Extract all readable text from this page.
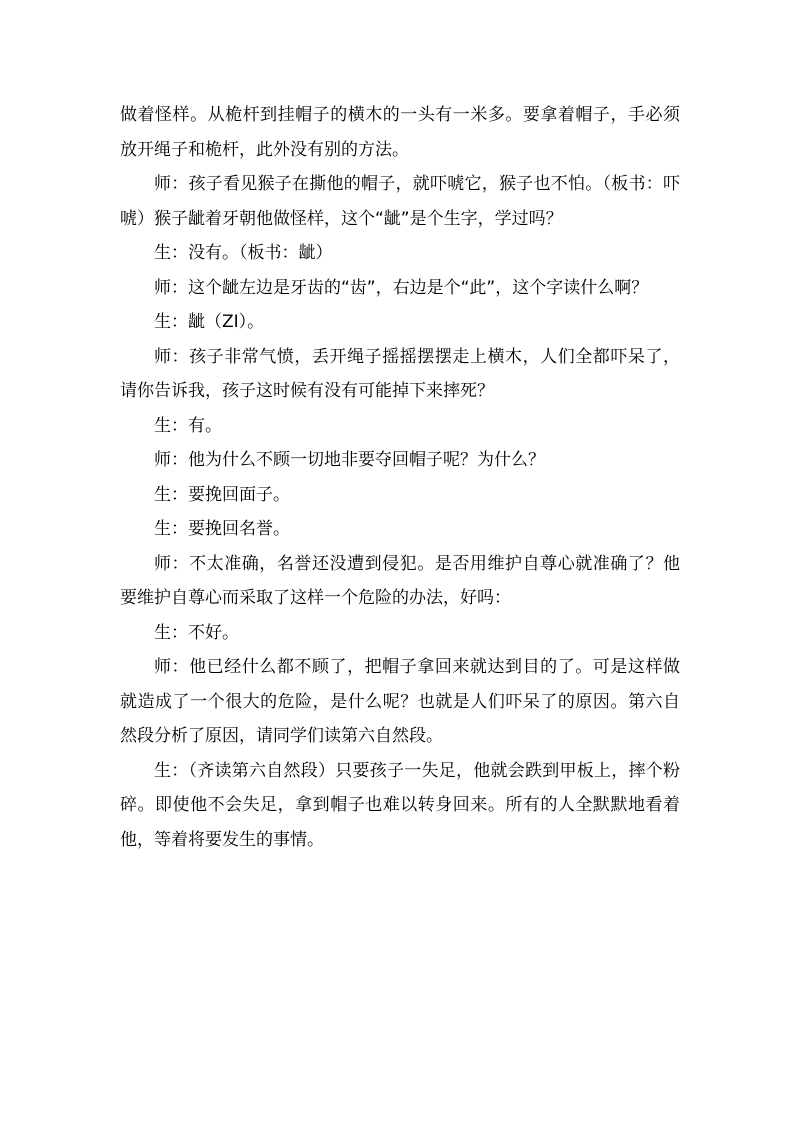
做着怪样。从桅杆到挂帽子的横木的一头有一米多。要拿着帽子，手必须放开绳子和桅杆，此外没有别的方法。

师：孩子看见猴子在撕他的帽子，就吓唬它，猴子也不怕。（板书：吓唬）猴子龇着牙朝他做怪样，这个“龇”是个生字，学过吗？

生：没有。（板书：龇）

师：这个龇左边是牙齿的“齿”，右边是个“此”，这个字读什么啊？

生：龇（ZI）。

师：孩子非常气愤，丢开绳子摇摇摆摆走上横木，人们全都吓呆了，请你告诉我，孩子这时候有没有可能掉下来摔死？

生：有。

师：他为什么不顾一切地非要夺回帽子呢？为什么？

生：要挽回面子。

生：要挽回名誉。

师：不太准确，名誉还没遭到侵犯。是否用维护自尊心就准确了？他要维护自尊心而采取了这样一个危险的办法，好吗：

生：不好。

师：他已经什么都不顾了，把帽子拿回来就达到目的了。可是这样做就造成了一个很大的危险，是什么呢？也就是人们吓呆了的原因。第六自然段分析了原因，请同学们读第六自然段。

生：（齐读第六自然段）只要孩子一失足，他就会跌到甲板上，摔个粉碎。即使他不会失足，拿到帽子也难以转身回来。所有的人全默默地看着他，等着将要发生的事情。
